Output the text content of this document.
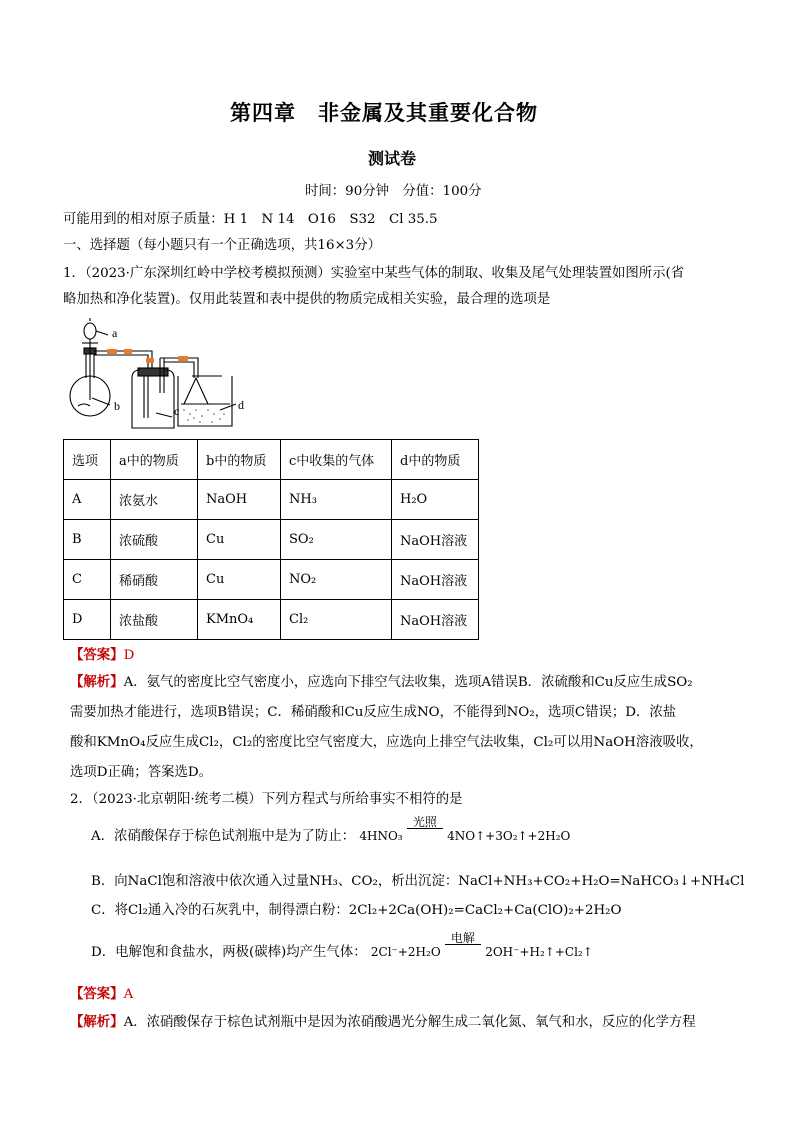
第四章　非金属及其重要化合物
测试卷
时间：90分钟　分值：100分
可能用到的相对原子质量：H 1　N 14　O16　S32　Cl 35.5
一、选择题（每小题只有一个正确选项，共16×3分）
1．（2023·广东深圳红岭中学校考模拟预测）实验室中某些气体的制取、收集及尾气处理装置如图所示(省
略加热和净化装置)。仅用此装置和表中提供的物质完成相关实验，最合理的选项是
a
b	c	d
选项	a中的物质	b中的物质	c中收集的气体	d中的物质
A	浓氨水	NaOH	NH₃	H₂O
B	浓硫酸	Cu	SO₂	NaOH溶液
C	稀硝酸	Cu	NO₂	NaOH溶液
D	浓盐酸	KMnO₄	Cl₂	NaOH溶液
【答案】D
【解析】A．氨气的密度比空气密度小，应选向下排空气法收集，选项A错误B．浓硫酸和Cu反应生成SO₂
需要加热才能进行，选项B错误；C．稀硝酸和Cu反应生成NO，不能得到NO₂，选项C错误；D．浓盐
酸和KMnO₄反应生成Cl₂，Cl₂的密度比空气密度大，应选向上排空气法收集，Cl₂可以用NaOH溶液吸收，
选项D正确；答案选D。
2．（2023·北京朝阳·统考二模）下列方程式与所给事实不相符的是
A．浓硝酸保存于棕色试剂瓶中是为了防止： 4HNO₃
光照
4NO↑+3O₂↑+2H₂O
B．向NaCl饱和溶液中依次通入过量NH₃、CO₂，析出沉淀：NaCl+NH₃+CO₂+H₂O=NaHCO₃↓+NH₄Cl
C．将Cl₂通入冷的石灰乳中，制得漂白粉：2Cl₂+2Ca(OH)₂=CaCl₂+Ca(ClO)₂+2H₂O
D．电解饱和食盐水，两极(碳棒)均产生气体： 2Cl⁻+2H₂O
电解
2OH⁻+H₂↑+Cl₂↑
【答案】A
【解析】A．浓硝酸保存于棕色试剂瓶中是因为浓硝酸遇光分解生成二氧化氮、氧气和水，反应的化学方程
